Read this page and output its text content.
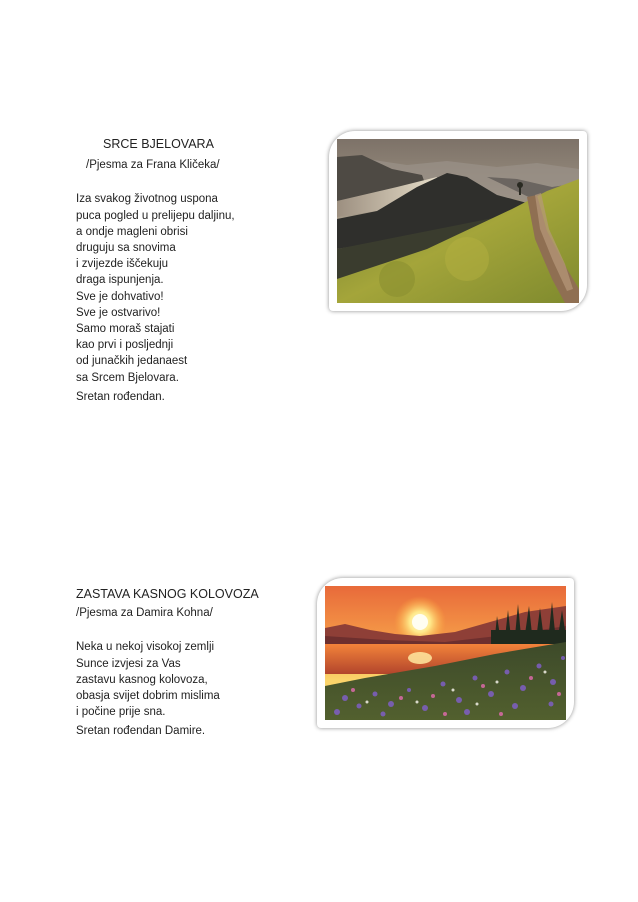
SRCE BJELOVARA
/Pjesma za Frana Kličeka/
Iza svakog životnog uspona
puca pogled u prelijepu daljinu,
a ondje magleni obrisi
druguju sa snovima
i zvijezde iščekuju
draga ispunjenja.
Sve je dohvativo!
Sve je ostvarivo!
Samo moraš stajati
kao prvi i posljednji
od junačkih jedanaest
sa Srcem Bjelovara.
Sretan rođendan.
ZASTAVA KASNOG KOLOVOZA
/Pjesma za Damira Kohna/
Neka u nekoj visokoj zemlji
Sunce izvjesi za Vas
zastavu kasnog kolovoza,
obasja svijet dobrim mislima
i počine prije sna.
Sretan rođendan Damire.
